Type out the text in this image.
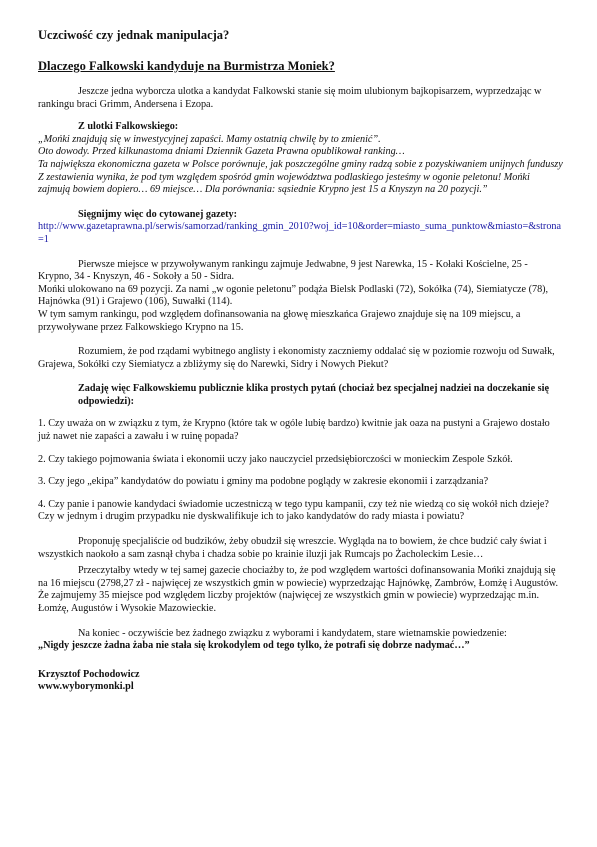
Uczciwość czy jednak manipulacja?

Dlaczego Falkowski kandyduje na Burmistrza Moniek?

Jeszcze jedna wyborcza ulotka a kandydat Falkowski stanie się moim ulubionym bajkopisarzem, wyprzedzając w rankingu braci Grimm, Andersena i Ezopa.

Z ulotki Falkowskiego:

„Mońki znajdują się w inwestycyjnej zapaści. Mamy ostatnią chwilę by to zmienić”.

Oto dowody. Przed kilkunastoma dniami Dziennik Gazeta Prawna opublikował ranking…

Ta największa ekonomiczna gazeta w Polsce porównuje, jak poszczególne gminy radzą sobie z pozyskiwaniem unijnych funduszy

Z zestawienia wynika, że pod tym względem spośród gmin województwa podlaskiego jesteśmy w ogonie peletonu! Mońki zajmują bowiem dopiero… 69 miejsce… Dla porównania: sąsiednie Krypno jest 15 a Knyszyn na 20 pozycji.”

Sięgnijmy więc do cytowanej gazety:

http://www.gazetaprawna.pl/serwis/samorzad/ranking_gmin_2010?woj_id=10&order=miasto_suma_punktow&miasto=&strona=1

Pierwsze miejsce w przywoływanym rankingu zajmuje Jedwabne, 9 jest Narewka, 15 - Kołaki Kościelne, 25 - Krypno, 34 - Knyszyn, 46 - Sokoły a 50 - Sidra.

Mońki ulokowano na 69 pozycji. Za nami „w ogonie peletonu” podąża Bielsk Podlaski (72), Sokółka (74), Siemiatycze (78), Hajnówka (91) i Grajewo (106), Suwałki (114).

W tym samym rankingu, pod względem dofinansowania na głowę mieszkańca Grajewo znajduje się na 109 miejscu, a przywoływane przez Falkowskiego Krypno na 15.

Rozumiem, że pod rządami wybitnego anglisty i ekonomisty zaczniemy oddalać się w poziomie rozwoju od Suwałk, Grajewa, Sokółki czy Siemiatycz a zbliżymy się do Narewki, Sidry i Nowych Piekut?

Zadaję więc Falkowskiemu publicznie klika prostych pytań (chociaż bez specjalnej nadziei na doczekanie się odpowiedzi):

1. Czy uważa on w związku z tym, że Krypno (które tak w ogóle lubię bardzo) kwitnie jak oaza na pustyni a Grajewo dostało już nawet nie zapaści a zawału i w ruinę popada?

2. Czy takiego pojmowania świata i ekonomii uczy jako nauczyciel przedsiębiorczości w monieckim Zespole Szkół.

3. Czy jego „ekipa” kandydatów do powiatu i gminy ma podobne poglądy w zakresie ekonomii i zarządzania?

4. Czy panie i panowie kandydaci świadomie uczestniczą w tego typu kampanii, czy też nie wiedzą co się wokół nich dzieje? Czy w jednym i drugim przypadku nie dyskwalifikuje ich to jako kandydatów do rady miasta i powiatu?

Proponuję specjaliście od budzików, żeby obudził się wreszcie. Wygląda na to bowiem, że chce budzić cały świat i wszystkich naokoło a sam zasnął chyba i chadza sobie po krainie iluzji jak Rumcajs po Żacholeckim Lesie…

Przeczytałby wtedy w tej samej gazecie chociażby to, że pod względem wartości dofinansowania Mońki znajdują się na 16 miejscu (2798,27 zł - najwięcej ze wszystkich gmin w powiecie) wyprzedzając Hajnówkę, Zambrów, Łomżę i Augustów.

Że zajmujemy 35 miejsce pod względem liczby projektów (najwięcej ze wszystkich gmin w powiecie) wyprzedzając m.in. Łomżę, Augustów i Wysokie Mazowieckie.

Na koniec - oczywiście bez żadnego związku z wyborami i kandydatem, stare wietnamskie powiedzenie:

„Nigdy jeszcze żadna żaba nie stała się krokodylem od tego tylko, że potrafi się dobrze nadymać…”

Krzysztof Pochodowicz

www.wyborymonki.pl
